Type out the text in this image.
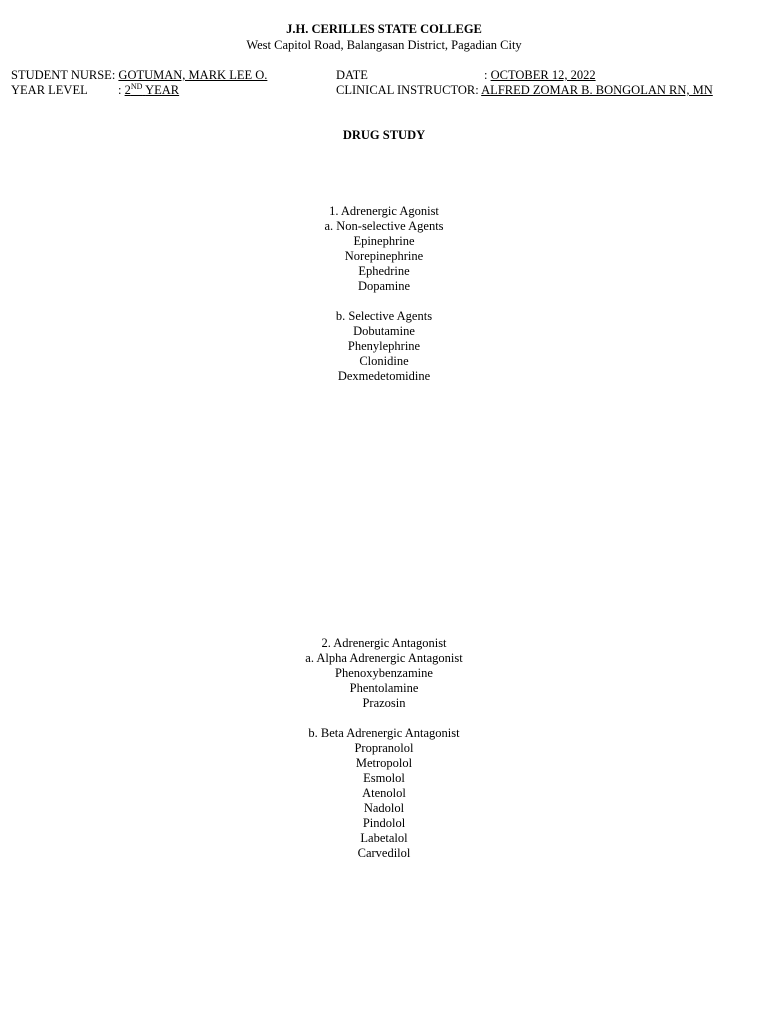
J.H. CERILLES STATE COLLEGE
West Capitol Road, Balangasan District, Pagadian City
STUDENT NURSE: GOTUMAN, MARK LEE O.
YEAR LEVEL : 2ND YEAR
DATE	: OCTOBER 12, 2022
CLINICAL INSTRUCTOR: ALFRED ZOMAR B. BONGOLAN RN, MN
DRUG STUDY
1. Adrenergic Agonist
a. Non-selective Agents
Epinephrine
Norepinephrine
Ephedrine
Dopamine
b. Selective Agents
Dobutamine
Phenylephrine
Clonidine
Dexmedetomidine
2. Adrenergic Antagonist
a. Alpha Adrenergic Antagonist
Phenoxybenzamine
Phentolamine
Prazosin
b. Beta Adrenergic Antagonist
Propranolol
Metropolol
Esmolol
Atenolol
Nadolol
Pindolol
Labetalol
Carvedilol
